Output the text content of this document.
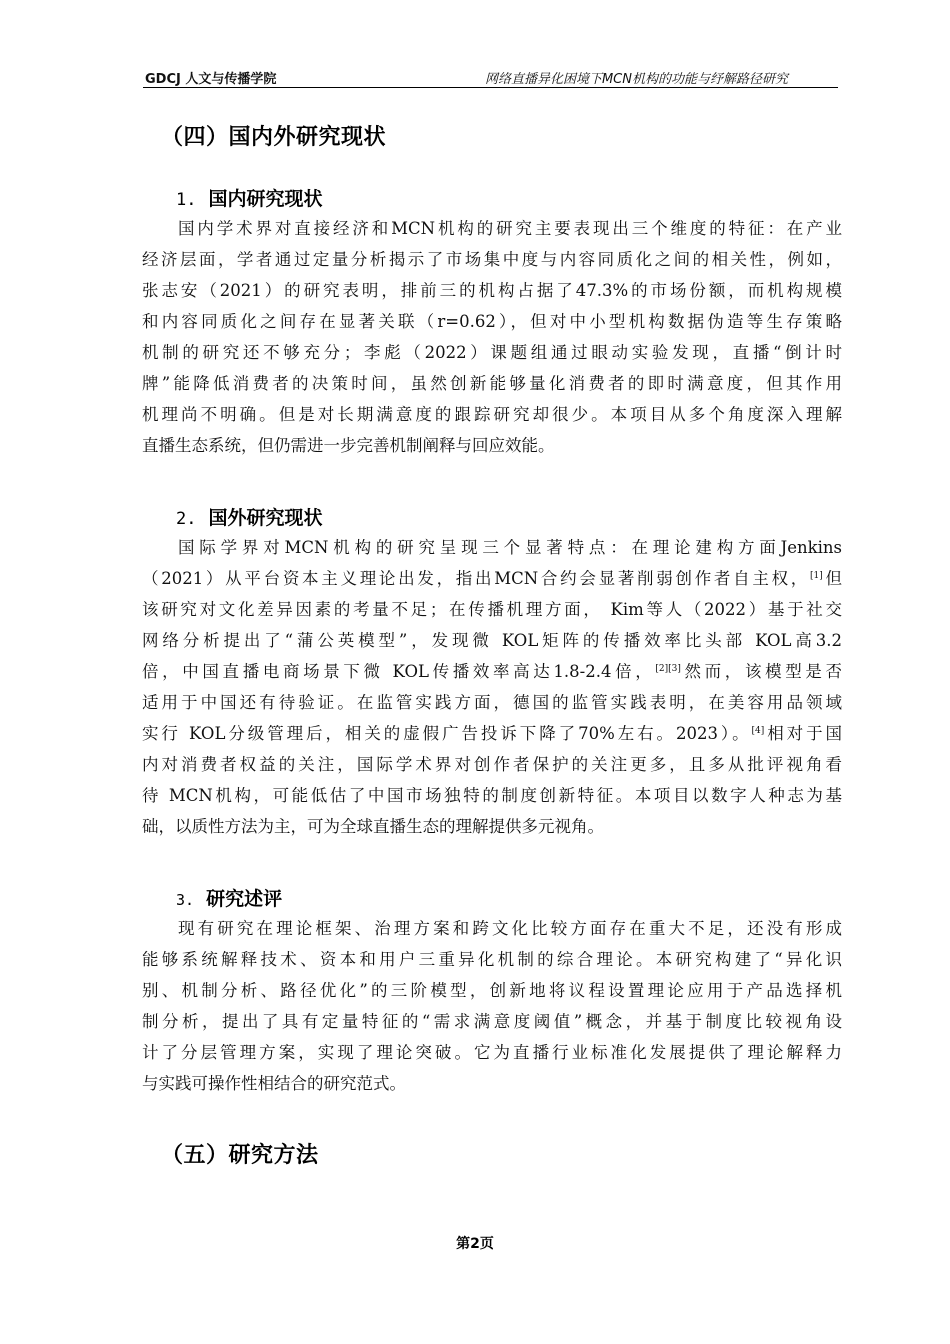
GDCJ 人文与传播学院	网络直播异化困境下MCN机构的功能与纾解路径研究
（四）国内外研究现状
1. 国内研究现状
国内学术界对直接经济和MCN机构的研究主要表现出三个维度的特征：在产业
经济层面，学者通过定量分析揭示了市场集中度与内容同质化之间的相关性，例如，
张志安（2021）的研究表明，排前三的机构占据了47.3%的市场份额，而机构规模
和内容同质化之间存在显著关联（r=0.62），但对中小型机构数据伪造等生存策略
机制的研究还不够充分；李彪（2022）课题组通过眼动实验发现，直播“倒计时
牌”能降低消费者的决策时间，虽然创新能够量化消费者的即时满意度，但其作用
机理尚不明确。但是对长期满意度的跟踪研究却很少。本项目从多个角度深入理解
直播生态系统，但仍需进一步完善机制阐释与回应效能。
2. 国外研究现状
国际学界对MCN机构的研究呈现三个显著特点：在理论建构方面Jenkins
（2021）从平台资本主义理论出发，指出MCN合约会显著削弱创作者自主权，[1]但
该研究对文化差异因素的考量不足；在传播机理方面， Kim等人（2022）基于社交
网络分析提出了“蒲公英模型”，发现微 KOL矩阵的传播效率比头部 KOL高3.2
倍，中国直播电商场景下微 KOL传播效率高达1.8-2.4倍，[2][3]然而，该模型是否
适用于中国还有待验证。在监管实践方面，德国的监管实践表明，在美容用品领域
实行 KOL分级管理后，相关的虚假广告投诉下降了70%左右。2023）。[4]相对于国
内对消费者权益的关注，国际学术界对创作者保护的关注更多，且多从批评视角看
待 MCN机构，可能低估了中国市场独特的制度创新特征。本项目以数字人种志为基
础，以质性方法为主，可为全球直播生态的理解提供多元视角。
3. 研究述评
现有研究在理论框架、治理方案和跨文化比较方面存在重大不足，还没有形成
能够系统解释技术、资本和用户三重异化机制的综合理论。本研究构建了“异化识
别、机制分析、路径优化”的三阶模型，创新地将议程设置理论应用于产品选择机
制分析，提出了具有定量特征的“需求满意度阈值”概念，并基于制度比较视角设
计了分层管理方案，实现了理论突破。它为直播行业标准化发展提供了理论解释力
与实践可操作性相结合的研究范式。
（五）研究方法
第2页
